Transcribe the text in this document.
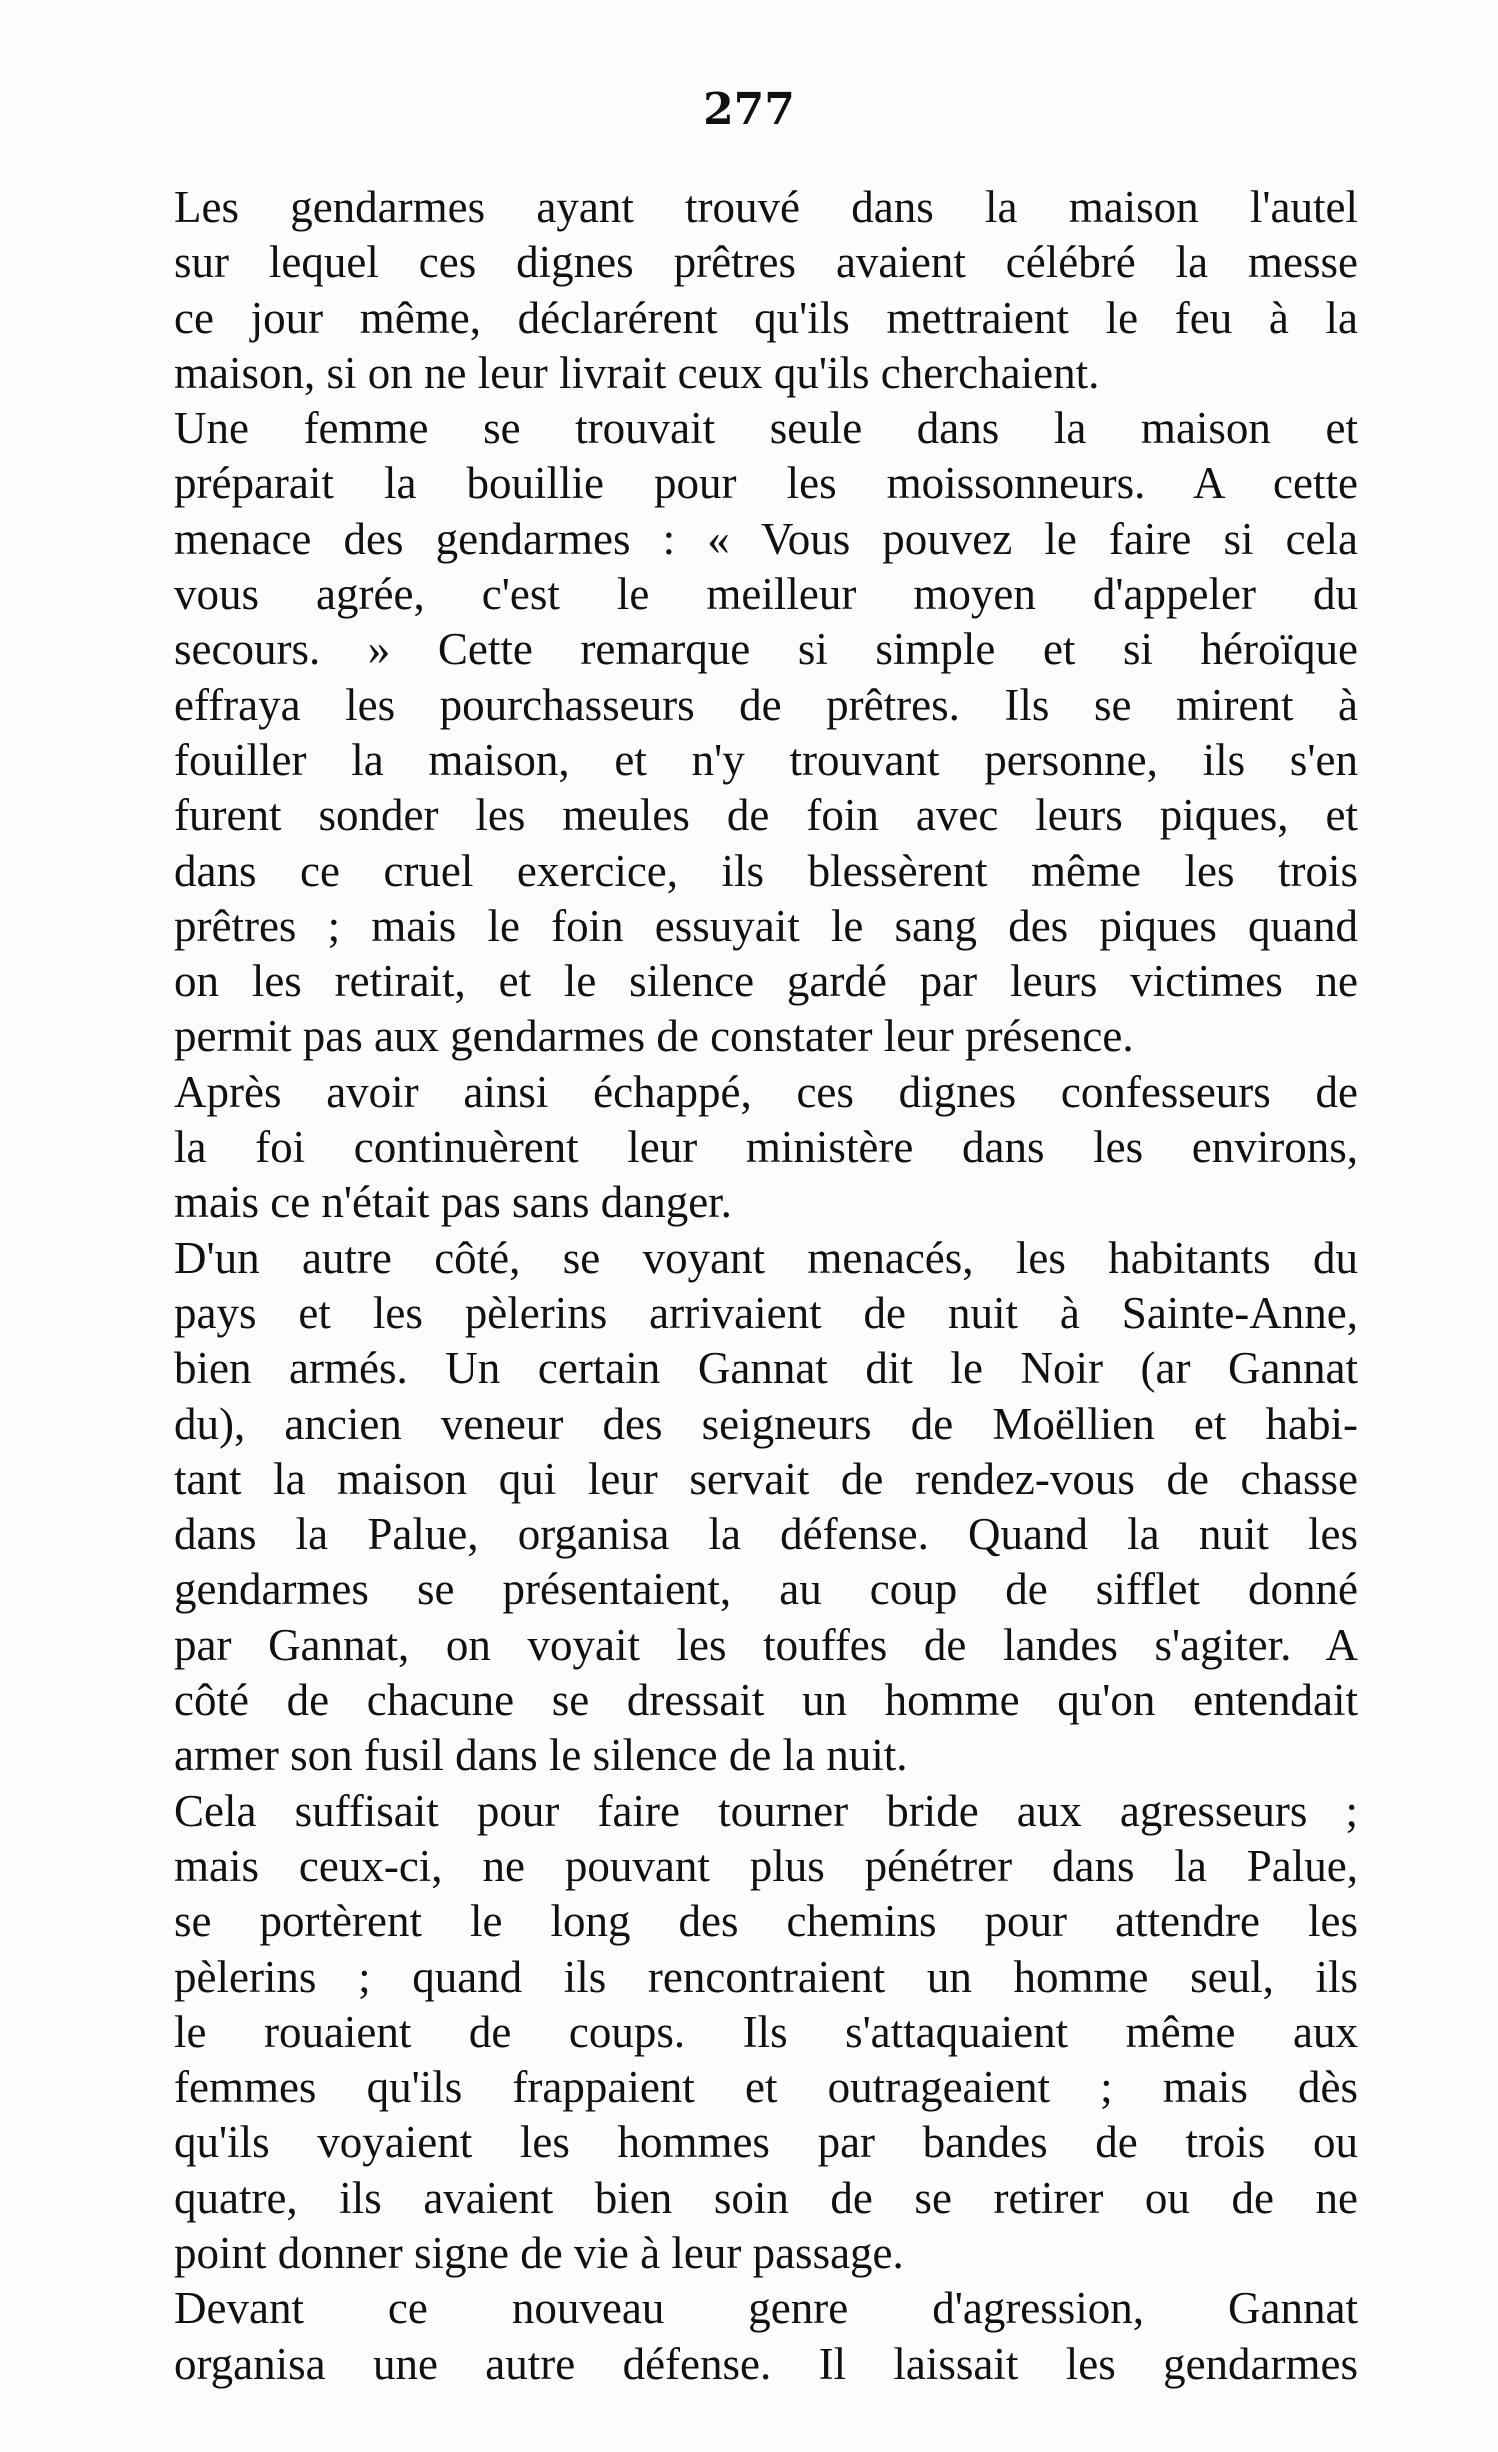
277

Les gendarmes ayant trouvé dans la maison l'autel
sur lequel ces dignes prêtres avaient célébré la messe
ce jour même, déclarérent qu'ils mettraient le feu à la
maison, si on ne leur livrait ceux qu'ils cherchaient.

Une femme se trouvait seule dans la maison et
préparait la bouillie pour les moissonneurs. A cette
menace des gendarmes : « Vous pouvez le faire si cela
vous agrée, c'est le meilleur moyen d'appeler du
secours. » Cette remarque si simple et si héroïque
effraya les pourchasseurs de prêtres. Ils se mirent à
fouiller la maison, et n'y trouvant personne, ils s'en
furent sonder les meules de foin avec leurs piques, et
dans ce cruel exercice, ils blessèrent même les trois
prêtres ; mais le foin essuyait le sang des piques quand
on les retirait, et le silence gardé par leurs victimes ne
permit pas aux gendarmes de constater leur présence.

Après avoir ainsi échappé, ces dignes confesseurs de
la foi continuèrent leur ministère dans les environs,
mais ce n'était pas sans danger.

D'un autre côté, se voyant menacés, les habitants du
pays et les pèlerins arrivaient de nuit à Sainte-Anne,
bien armés. Un certain Gannat dit le Noir (ar Gannat
du), ancien veneur des seigneurs de Moëllien et habi-
tant la maison qui leur servait de rendez-vous de chasse
dans la Palue, organisa la défense. Quand la nuit les
gendarmes se présentaient, au coup de sifflet donné
par Gannat, on voyait les touffes de landes s'agiter. A
côté de chacune se dressait un homme qu'on entendait
armer son fusil dans le silence de la nuit.

Cela suffisait pour faire tourner bride aux agresseurs ;
mais ceux-ci, ne pouvant plus pénétrer dans la Palue,
se portèrent le long des chemins pour attendre les
pèlerins ; quand ils rencontraient un homme seul, ils
le rouaient de coups. Ils s'attaquaient même aux
femmes qu'ils frappaient et outrageaient ; mais dès
qu'ils voyaient les hommes par bandes de trois ou
quatre, ils avaient bien soin de se retirer ou de ne
point donner signe de vie à leur passage.

Devant ce nouveau genre d'agression, Gannat
organisa une autre défense. Il laissait les gendarmes
